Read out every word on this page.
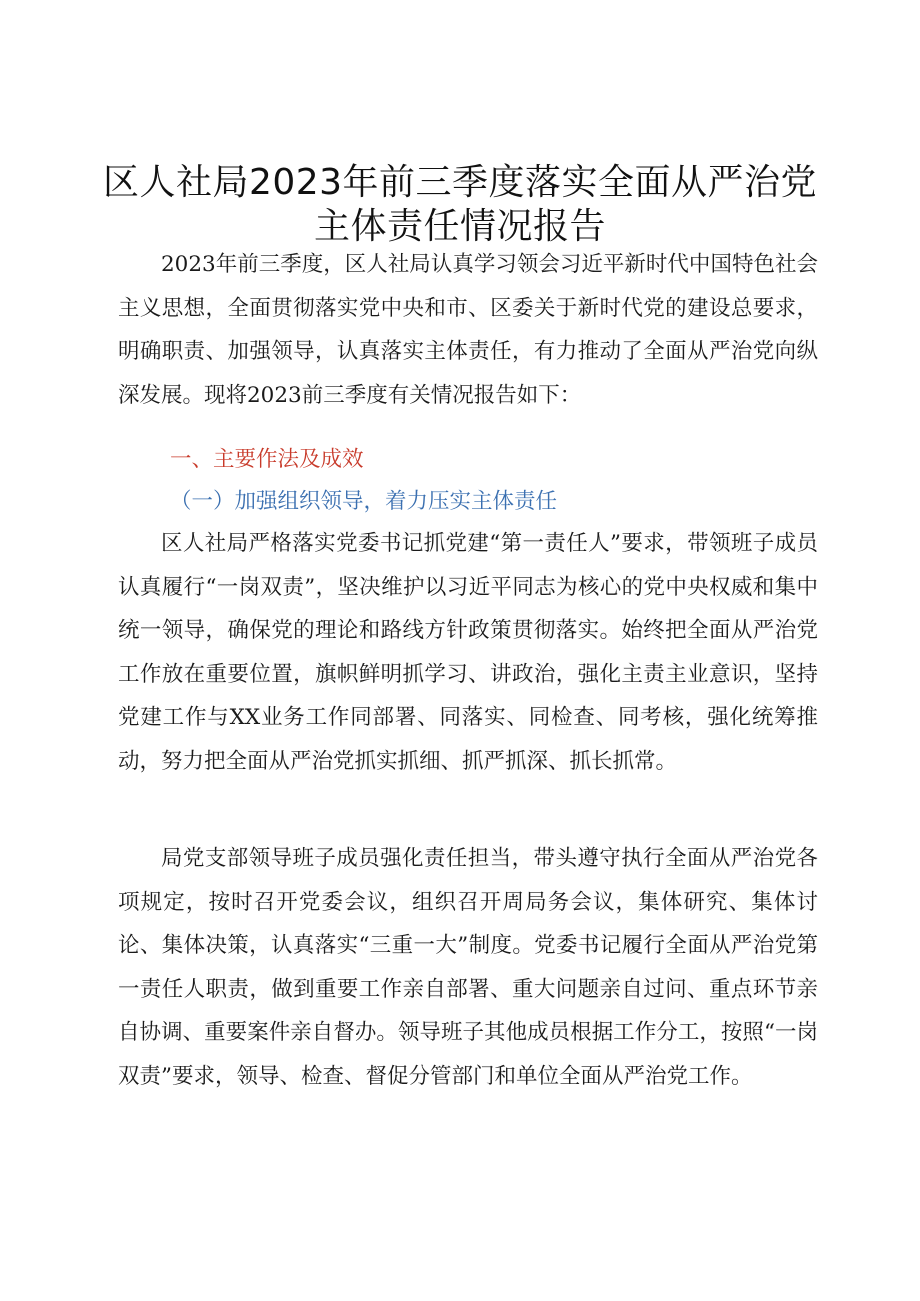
区人社局2023年前三季度落实全面从严治党
主体责任情况报告

2023年前三季度，区人社局认真学习领会习近平新时代中国特色社会主义思想，全面贯彻落实党中央和市、区委关于新时代党的建设总要求，明确职责、加强领导，认真落实主体责任，有力推动了全面从严治党向纵深发展。现将2023前三季度有关情况报告如下：

一、主要作法及成效

（一）加强组织领导，着力压实主体责任

区人社局严格落实党委书记抓党建“第一责任人”要求，带领班子成员认真履行“一岗双责”，坚决维护以习近平同志为核心的党中央权威和集中统一领导，确保党的理论和路线方针政策贯彻落实。始终把全面从严治党工作放在重要位置，旗帜鲜明抓学习、讲政治，强化主责主业意识，坚持党建工作与XX业务工作同部署、同落实、同检查、同考核，强化统筹推动，努力把全面从严治党抓实抓细、抓严抓深、抓长抓常。

局党支部领导班子成员强化责任担当，带头遵守执行全面从严治党各项规定，按时召开党委会议，组织召开周局务会议，集体研究、集体讨论、集体决策，认真落实“三重一大”制度。党委书记履行全面从严治党第一责任人职责，做到重要工作亲自部署、重大问题亲自过问、重点环节亲自协调、重要案件亲自督办。领导班子其他成员根据工作分工，按照“一岗双责”要求，领导、检查、督促分管部门和单位全面从严治党工作。
